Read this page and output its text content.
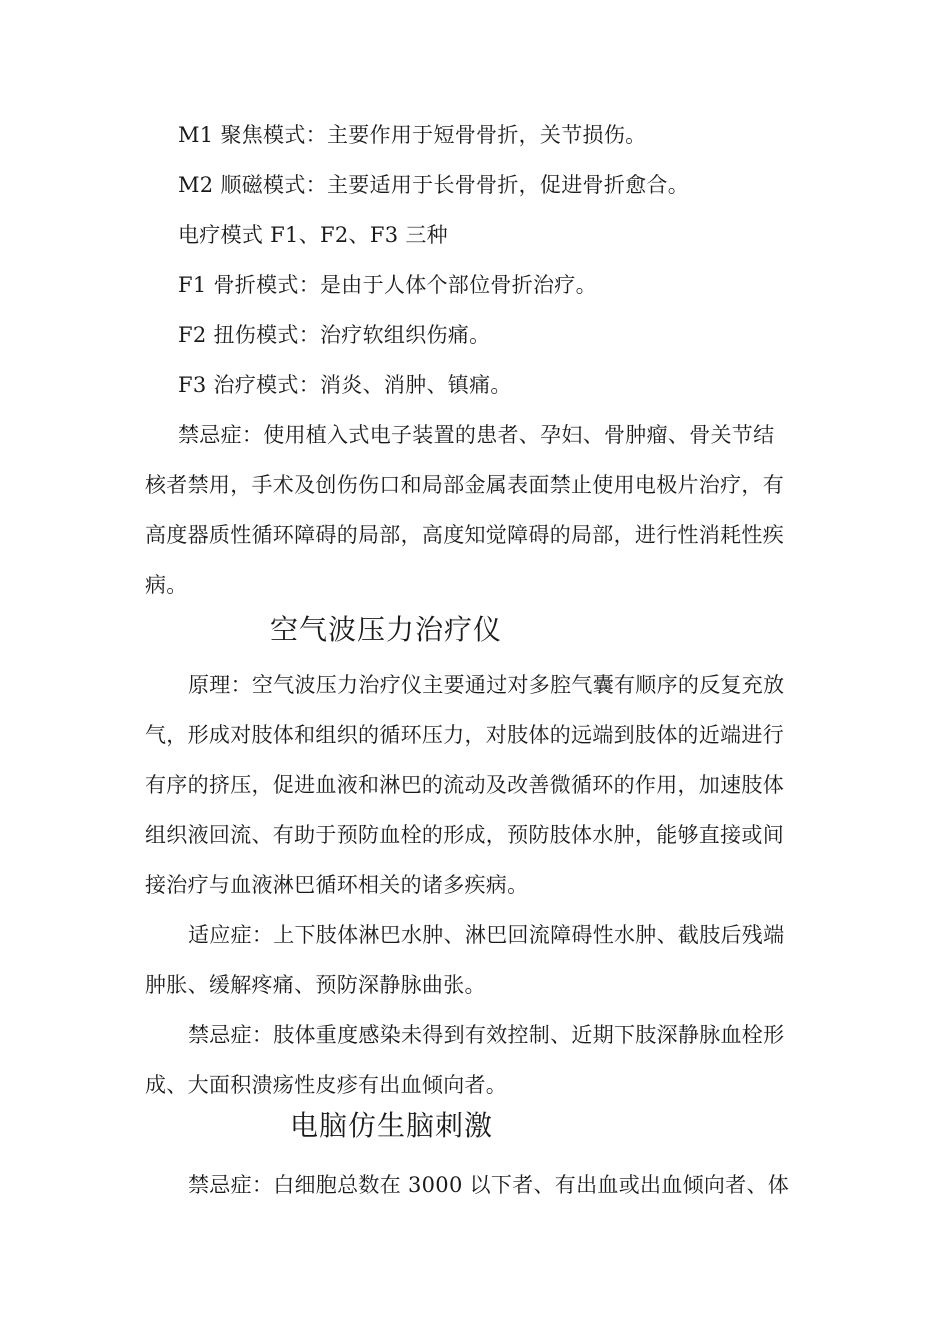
M1 聚焦模式：主要作用于短骨骨折，关节损伤。
M2 顺磁模式：主要适用于长骨骨折，促进骨折愈合。
电疗模式 F1、F2、F3 三种
F1 骨折模式：是由于人体个部位骨折治疗。
F2 扭伤模式：治疗软组织伤痛。
F3 治疗模式：消炎、消肿、镇痛。
禁忌症：使用植入式电子装置的患者、孕妇、骨肿瘤、骨关节结
核者禁用，手术及创伤伤口和局部金属表面禁止使用电极片治疗，有
高度器质性循环障碍的局部，高度知觉障碍的局部，进行性消耗性疾
病。
空气波压力治疗仪
原理：空气波压力治疗仪主要通过对多腔气囊有顺序的反复充放
气，形成对肢体和组织的循环压力，对肢体的远端到肢体的近端进行
有序的挤压，促进血液和淋巴的流动及改善微循环的作用，加速肢体
组织液回流、有助于预防血栓的形成，预防肢体水肿，能够直接或间
接治疗与血液淋巴循环相关的诸多疾病。
适应症：上下肢体淋巴水肿、淋巴回流障碍性水肿、截肢后残端
肿胀、缓解疼痛、预防深静脉曲张。
禁忌症：肢体重度感染未得到有效控制、近期下肢深静脉血栓形
成、大面积溃疡性皮疹有出血倾向者。
电脑仿生脑刺激
禁忌症：白细胞总数在 3000 以下者、有出血或出血倾向者、体
